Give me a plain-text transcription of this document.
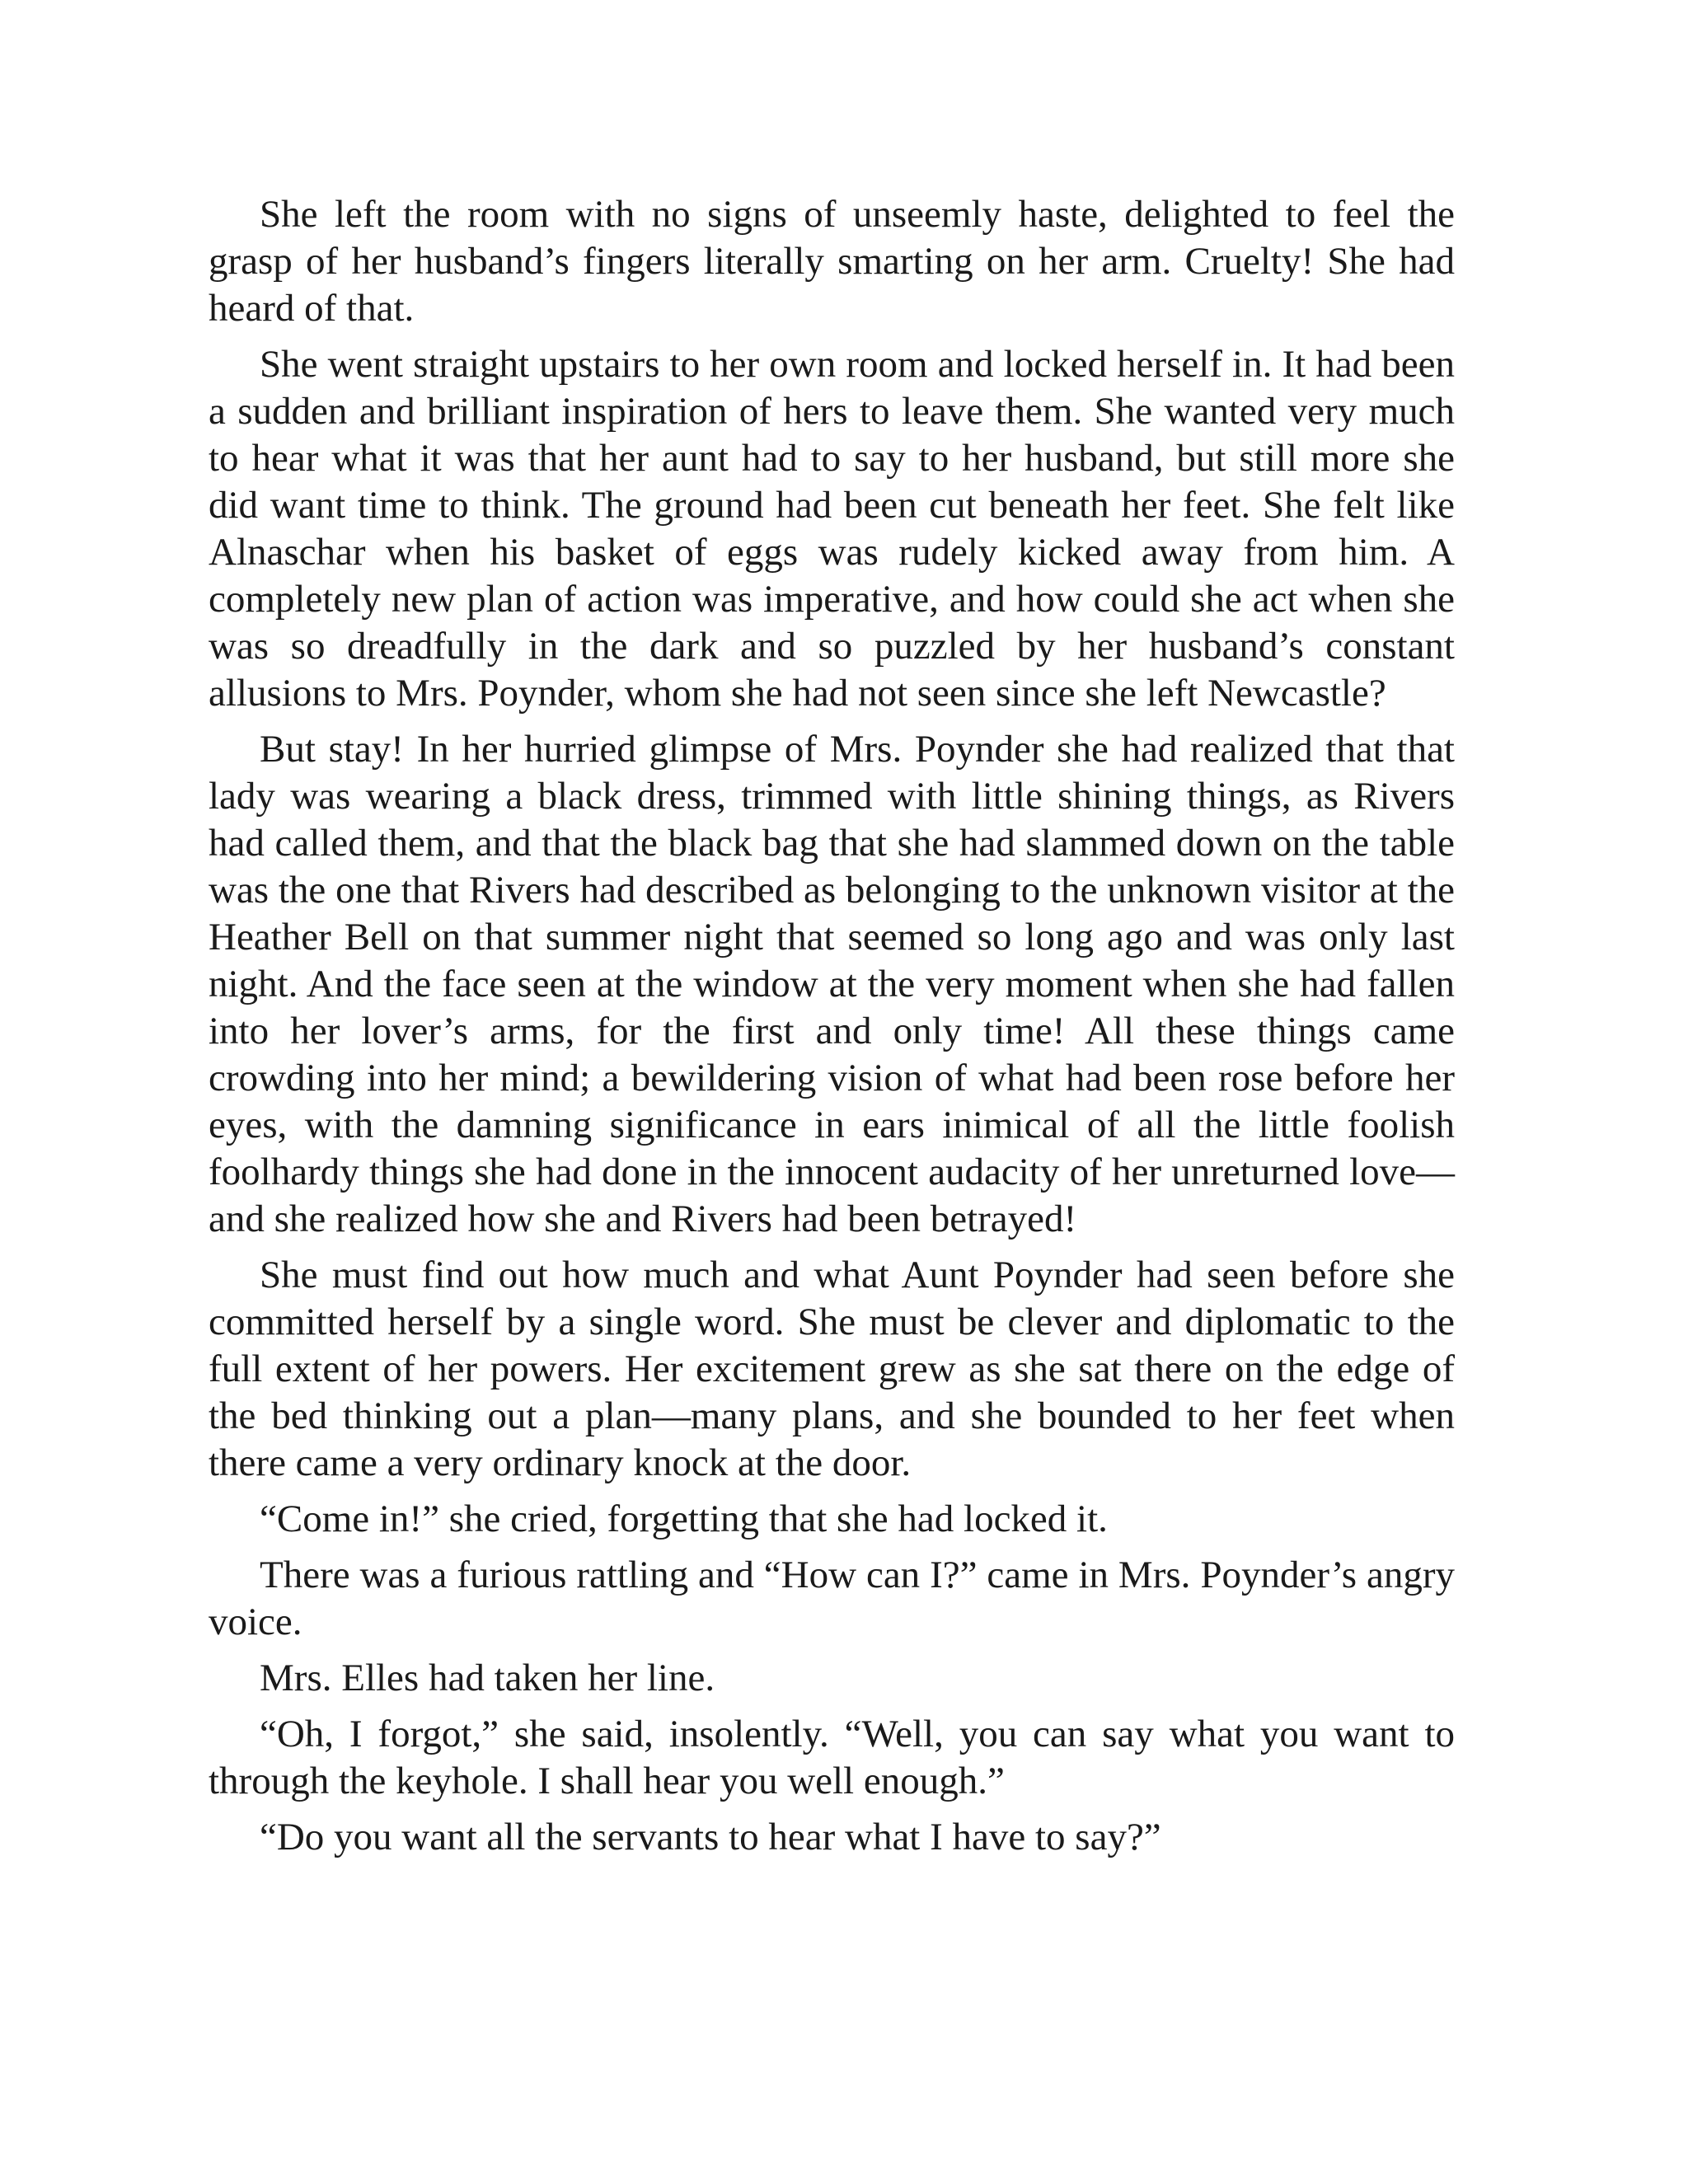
She left the room with no signs of unseemly haste, delighted to feel the grasp of her husband’s fingers literally smarting on her arm. Cruelty! She had heard of that.

She went straight upstairs to her own room and locked herself in. It had been a sudden and brilliant inspiration of hers to leave them. She wanted very much to hear what it was that her aunt had to say to her husband, but still more she did want time to think. The ground had been cut beneath her feet. She felt like Alnaschar when his basket of eggs was rudely kicked away from him. A completely new plan of action was imperative, and how could she act when she was so dreadfully in the dark and so puzzled by her husband’s constant allusions to Mrs. Poynder, whom she had not seen since she left Newcastle?

But stay! In her hurried glimpse of Mrs. Poynder she had realized that that lady was wearing a black dress, trimmed with little shining things, as Rivers had called them, and that the black bag that she had slammed down on the table was the one that Rivers had described as belonging to the unknown visitor at the Heather Bell on that summer night that seemed so long ago and was only last night. And the face seen at the window at the very moment when she had fallen into her lover’s arms, for the first and only time! All these things came crowding into her mind; a bewildering vision of what had been rose before her eyes, with the damning significance in ears inimical of all the little foolish foolhardy things she had done in the innocent audacity of her unreturned love—and she realized how she and Rivers had been betrayed!

She must find out how much and what Aunt Poynder had seen before she committed herself by a single word. She must be clever and diplomatic to the full extent of her powers. Her excitement grew as she sat there on the edge of the bed thinking out a plan—many plans, and she bounded to her feet when there came a very ordinary knock at the door.

“Come in!” she cried, forgetting that she had locked it.

There was a furious rattling and “How can I?” came in Mrs. Poynder’s angry voice.

Mrs. Elles had taken her line.

“Oh, I forgot,” she said, insolently. “Well, you can say what you want to through the keyhole. I shall hear you well enough.”

“Do you want all the servants to hear what I have to say?”
